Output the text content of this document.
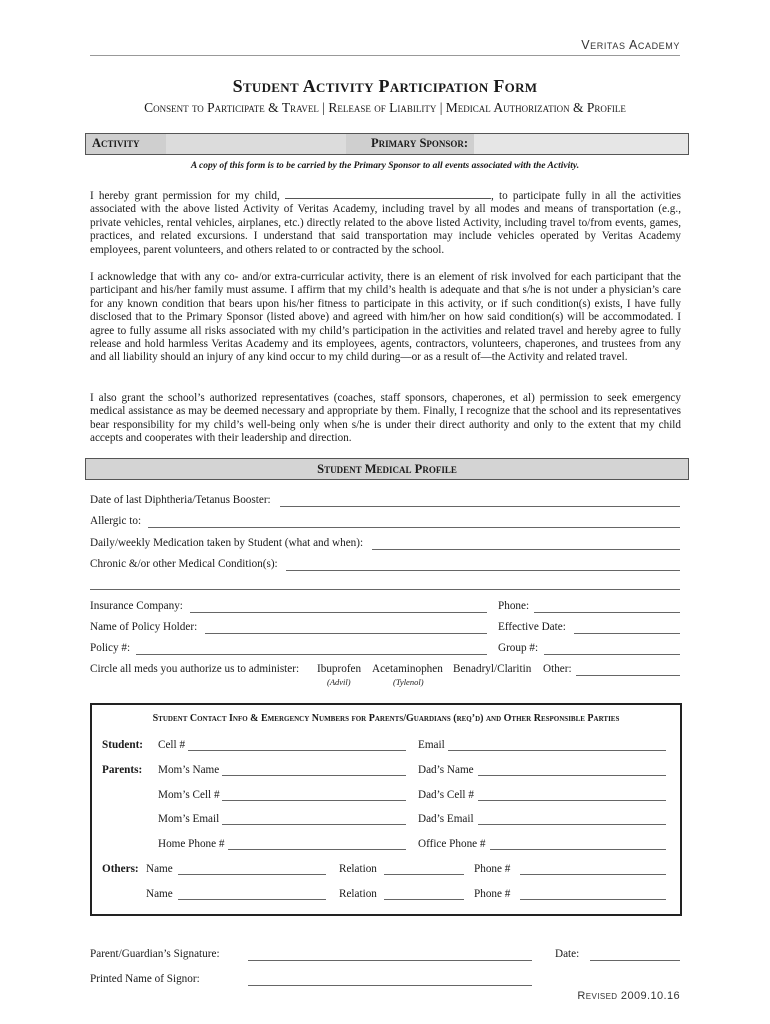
Veritas Academy
Student Activity Participation Form
Consent to Participate & Travel | Release of Liability | Medical Authorization & Profile
Activity	Primary Sponsor:
A copy of this form is to be carried by the Primary Sponsor to all events associated with the Activity.
I hereby grant permission for my child,	, to participate fully in all the activities associated with the above listed Activity of Veritas Academy, including travel by all modes and means of transportation (e.g., private vehicles, rental vehicles, airplanes, etc.) directly related to the above listed Activity, including travel to/from events, games, practices, and related excursions. I understand that said transportation may include vehicles operated by Veritas Academy employees, parent volunteers, and others related to or contracted by the school.
I acknowledge that with any co- and/or extra-curricular activity, there is an element of risk involved for each participant that the participant and his/her family must assume. I affirm that my child’s health is adequate and that s/he is not under a physician’s care for any known condition that bears upon his/her fitness to participate in this activity, or if such condition(s) exists, I have fully disclosed that to the Primary Sponsor (listed above) and agreed with him/her on how said condition(s) will be accommodated. I agree to fully assume all risks associated with my child’s participation in the activities and related travel and hereby agree to fully release and hold harmless Veritas Academy and its employees, agents, contractors, volunteers, chaperones, and trustees from any and all liability should an injury of any kind occur to my child during—or as a result of—the Activity and related travel.
I also grant the school’s authorized representatives (coaches, staff sponsors, chaperones, et al) permission to seek emergency medical assistance as may be deemed necessary and appropriate by them. Finally, I recognize that the school and its representatives bear responsibility for my child’s well-being only when s/he is under their direct authority and only to the extent that my child accepts and cooperates with their leadership and direction.
Student Medical Profile
Date of last Diphtheria/Tetanus Booster:
Allergic to:
Daily/weekly Medication taken by Student (what and when):
Chronic &/or other Medical Condition(s):
Insurance Company:	Phone:
Name of Policy Holder:	Effective Date:
Policy #:	Group #:
Circle all meds you authorize us to administer: Ibuprofen Acetaminophen Benadryl/Claritin Other:
(Advil)	(Tylenol)
Student Contact Info & Emergency Numbers for Parents/Guardians (req’d) and Other Responsible Parties
Student: Cell #	Email
Parents: Mom’s Name	Dad’s Name
Mom’s Cell #	Dad’s Cell #
Mom’s Email	Dad’s Email
Home Phone #	Office Phone #
Others: Name	Relation	Phone #
Name	Relation	Phone #
Parent/Guardian’s Signature:	Date:
Printed Name of Signor:
Revised 2009.10.16
